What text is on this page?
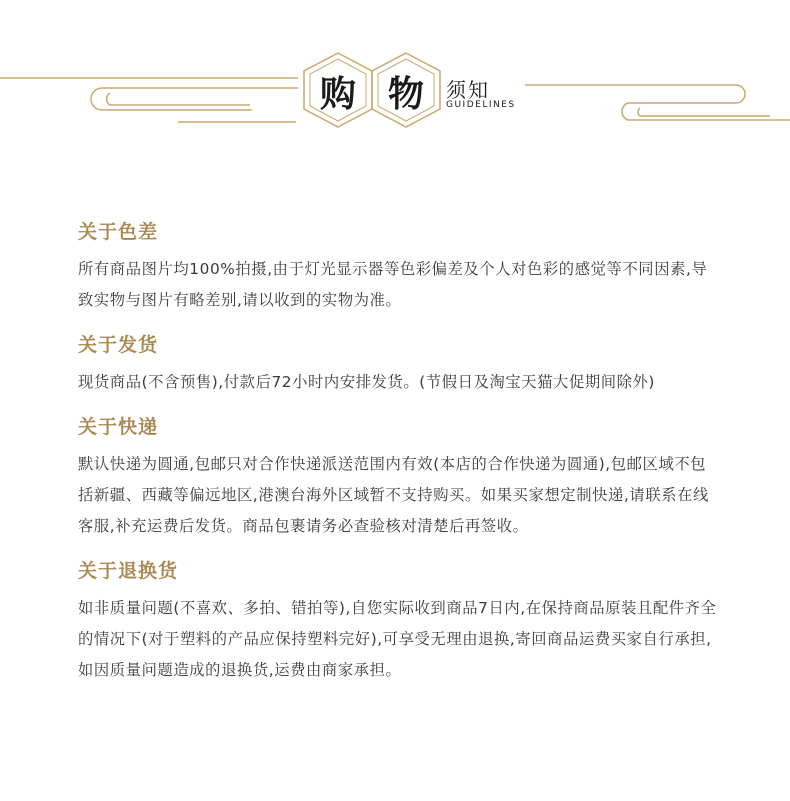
购 物	须知
GUIDELINES
关于色差

所有商品图片均100%拍摄,由于灯光显示器等色彩偏差及个人对色彩的感觉等不同因素,导致实物与图片有略差别,请以收到的实物为准。

关于发货

现货商品(不含预售),付款后72小时内安排发货。(节假日及淘宝天猫大促期间除外)

关于快递

默认快递为圆通,包邮只对合作快递派送范围内有效(本店的合作快递为圆通),包邮区域不包括新疆、西藏等偏远地区,港澳台海外区域暂不支持购买。如果买家想定制快递,请联系在线客服,补充运费后发货。商品包裹请务必查验核对清楚后再签收。

关于退换货

如非质量问题(不喜欢、多拍、错拍等),自您实际收到商品7日内,在保持商品原装且配件齐全的情况下(对于塑料的产品应保持塑料完好),可享受无理由退换,寄回商品运费买家自行承担,如因质量问题造成的退换货,运费由商家承担。
